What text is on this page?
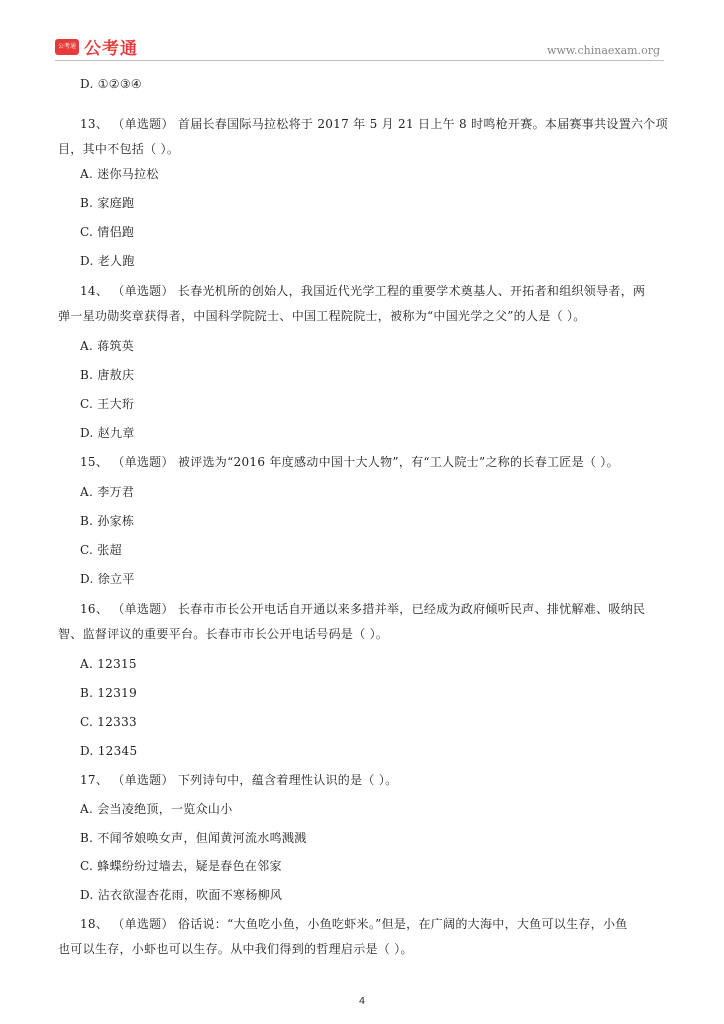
公考通 公考通	www.chinaexam.org
D. ①②③④
13、 （单选题） 首届长春国际马拉松将于 2017 年 5 月 21 日上午 8 时鸣枪开赛。本届赛事共设置六个项
目，其中不包括（ ）。
A. 迷你马拉松
B. 家庭跑
C. 情侣跑
D. 老人跑
14、 （单选题） 长春光机所的创始人，我国近代光学工程的重要学术奠基人、开拓者和组织领导者，两
弹一星功勋奖章获得者，中国科学院院士、中国工程院院士，被称为“中国光学之父”的人是（ ）。
A. 蒋筑英
B. 唐敖庆
C. 王大珩
D. 赵九章
15、 （单选题） 被评选为“2016 年度感动中国十大人物”，有“工人院士”之称的长春工匠是（ ）。
A. 李万君
B. 孙家栋
C. 张超
D. 徐立平
16、 （单选题） 长春市市长公开电话自开通以来多措并举，已经成为政府倾听民声、排忧解难、吸纳民
智、监督评议的重要平台。长春市市长公开电话号码是（ ）。
A. 12315
B. 12319
C. 12333
D. 12345
17、 （单选题） 下列诗句中，蕴含着理性认识的是（ ）。
A. 会当凌绝顶，一览众山小
B. 不闻爷娘唤女声，但闻黄河流水鸣溅溅
C. 蜂蝶纷纷过墙去，疑是春色在邻家
D. 沾衣欲湿杏花雨，吹面不寒杨柳风
18、 （单选题） 俗话说：“大鱼吃小鱼，小鱼吃虾米。”但是，在广阔的大海中，大鱼可以生存，小鱼
也可以生存，小虾也可以生存。从中我们得到的哲理启示是（ ）。
4
